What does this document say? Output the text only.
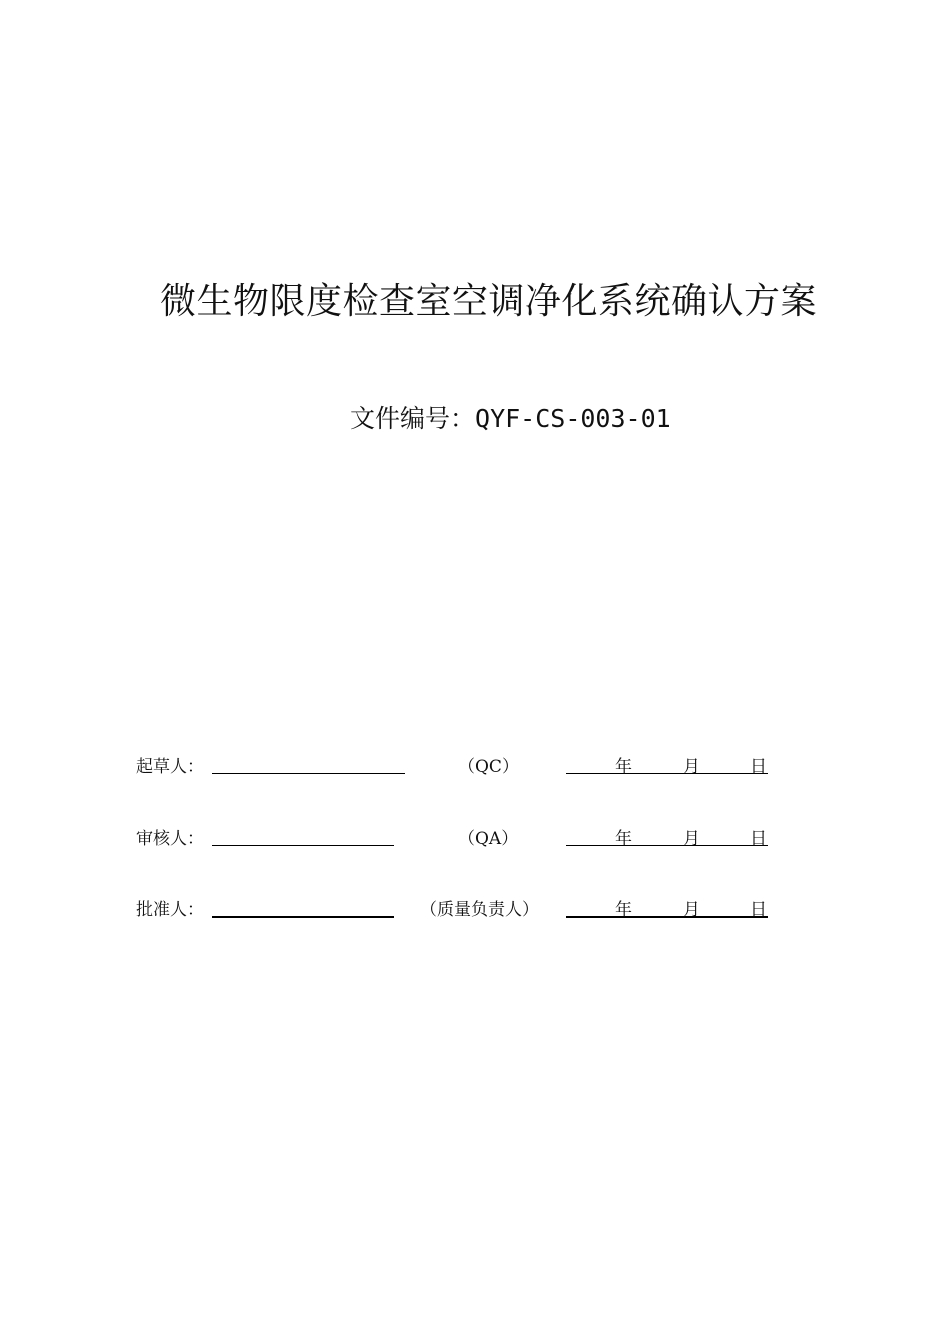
微生物限度检查室空调净化系统确认方案
文件编号：QYF-CS-003-01
起草人：	（QC）	年	月	日
审核人：	（QA）	年	月	日
批准人：	（质量负责人）	年	月	日
